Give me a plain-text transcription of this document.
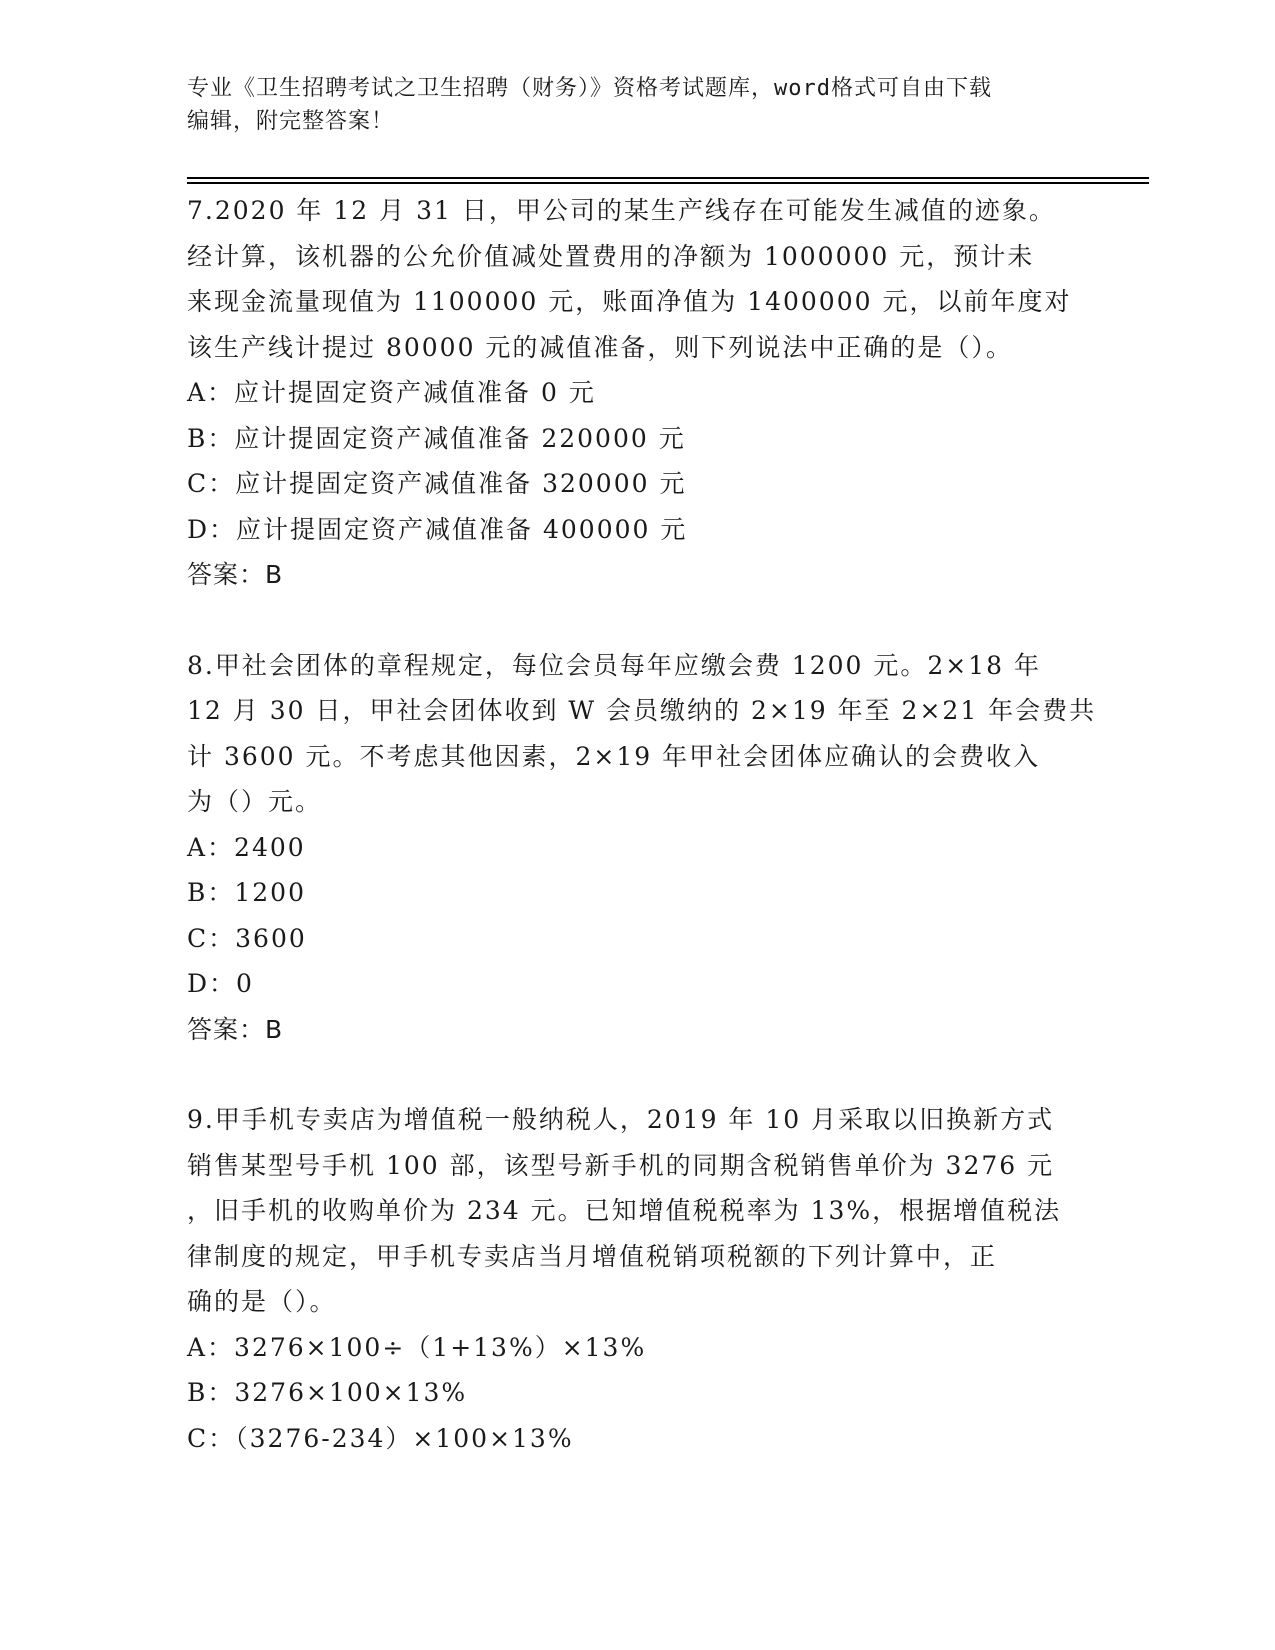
专业《卫生招聘考试之卫生招聘（财务）》资格考试题库，word格式可自由下载
编辑，附完整答案！
7.2020 年 12 月 31 日，甲公司的某生产线存在可能发生减值的迹象。
经计算，该机器的公允价值减处置费用的净额为 1000000 元，预计未
来现金流量现值为 1100000 元，账面净值为 1400000 元，以前年度对
该生产线计提过 80000 元的减值准备，则下列说法中正确的是（）。
A：应计提固定资产减值准备 0 元
B：应计提固定资产减值准备 220000 元
C：应计提固定资产减值准备 320000 元
D：应计提固定资产减值准备 400000 元
答案：B
8.甲社会团体的章程规定，每位会员每年应缴会费 1200 元。2×18 年
12 月 30 日，甲社会团体收到 W 会员缴纳的 2×19 年至 2×21 年会费共
计 3600 元。不考虑其他因素，2×19 年甲社会团体应确认的会费收入
为（）元。
A：2400
B：1200
C：3600
D：0
答案：B
9.甲手机专卖店为增值税一般纳税人，2019 年 10 月采取以旧换新方式
销售某型号手机 100 部，该型号新手机的同期含税销售单价为 3276 元
，旧手机的收购单价为 234 元。已知增值税税率为 13%，根据增值税法
律制度的规定，甲手机专卖店当月增值税销项税额的下列计算中，正
确的是（）。
A：3276×100÷（1+13%）×13%
B：3276×100×13%
C：（3276-234）×100×13%
